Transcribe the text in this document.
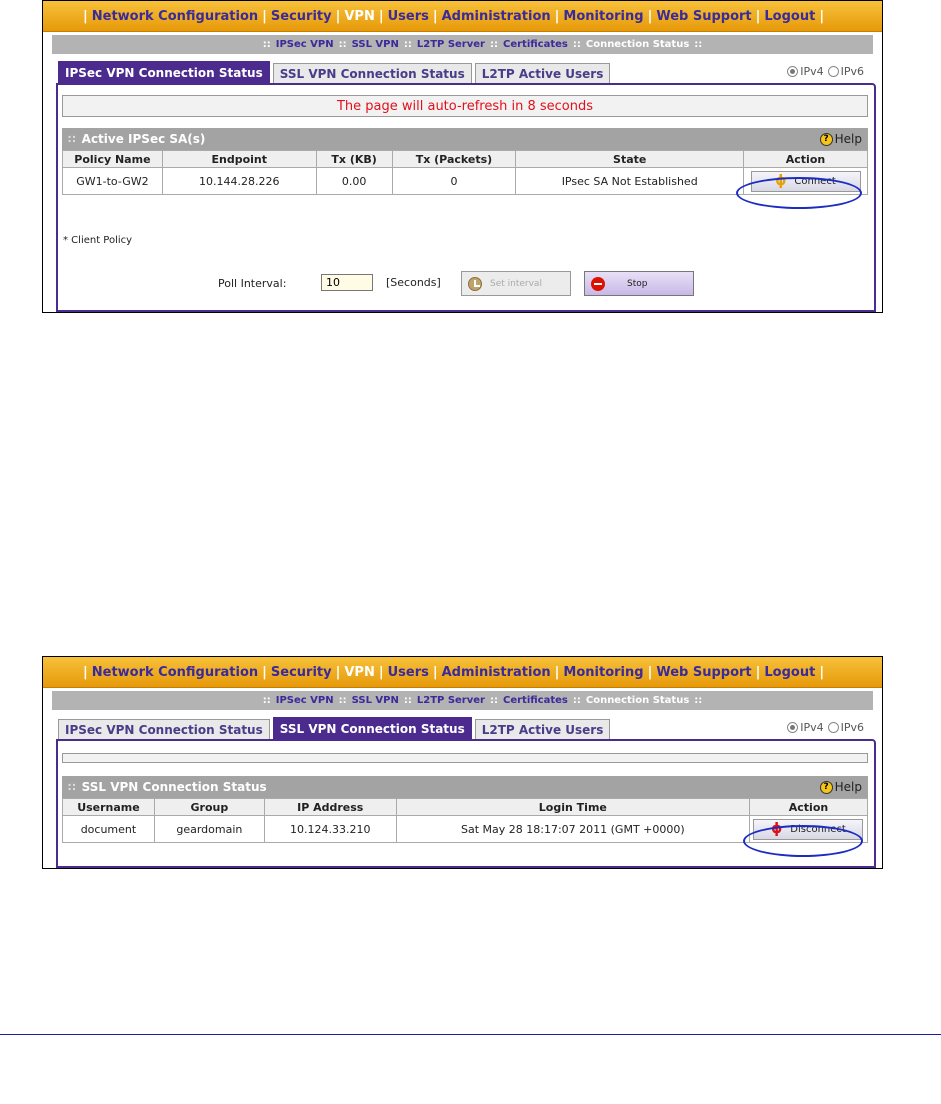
| Network Configuration | Security | VPN | Users | Administration | Monitoring | Web Support | Logout |
:: IPSec VPN :: SSL VPN :: L2TP Server :: Certificates :: Connection Status ::
IPSec VPN Connection Status	SSL VPN Connection Status	L2TP Active Users	IPv4 IPv6
The page will auto-refresh in 8 seconds
∷ Active IPSec SA(s)	? Help
Policy Name	Endpoint	Tx (KB)	Tx (Packets)	State	Action
GW1-to-GW2	10.144.28.226	0.00	0	IPsec SA Not Established	ϕ Connect
* Client Policy
Poll Interval:
10	[Seconds]	Set interval	Stop
| Network Configuration | Security | VPN | Users | Administration | Monitoring | Web Support | Logout |
:: IPSec VPN :: SSL VPN :: L2TP Server :: Certificates :: Connection Status ::
IPSec VPN Connection Status	SSL VPN Connection Status	L2TP Active Users	IPv4 IPv6
∷ SSL VPN Connection Status	? Help
Username	Group	IP Address	Login Time	Action
document	geardomain	10.124.33.210	Sat May 28 18:17:07 2011 (GMT +0000)	ϕ Disconnect
